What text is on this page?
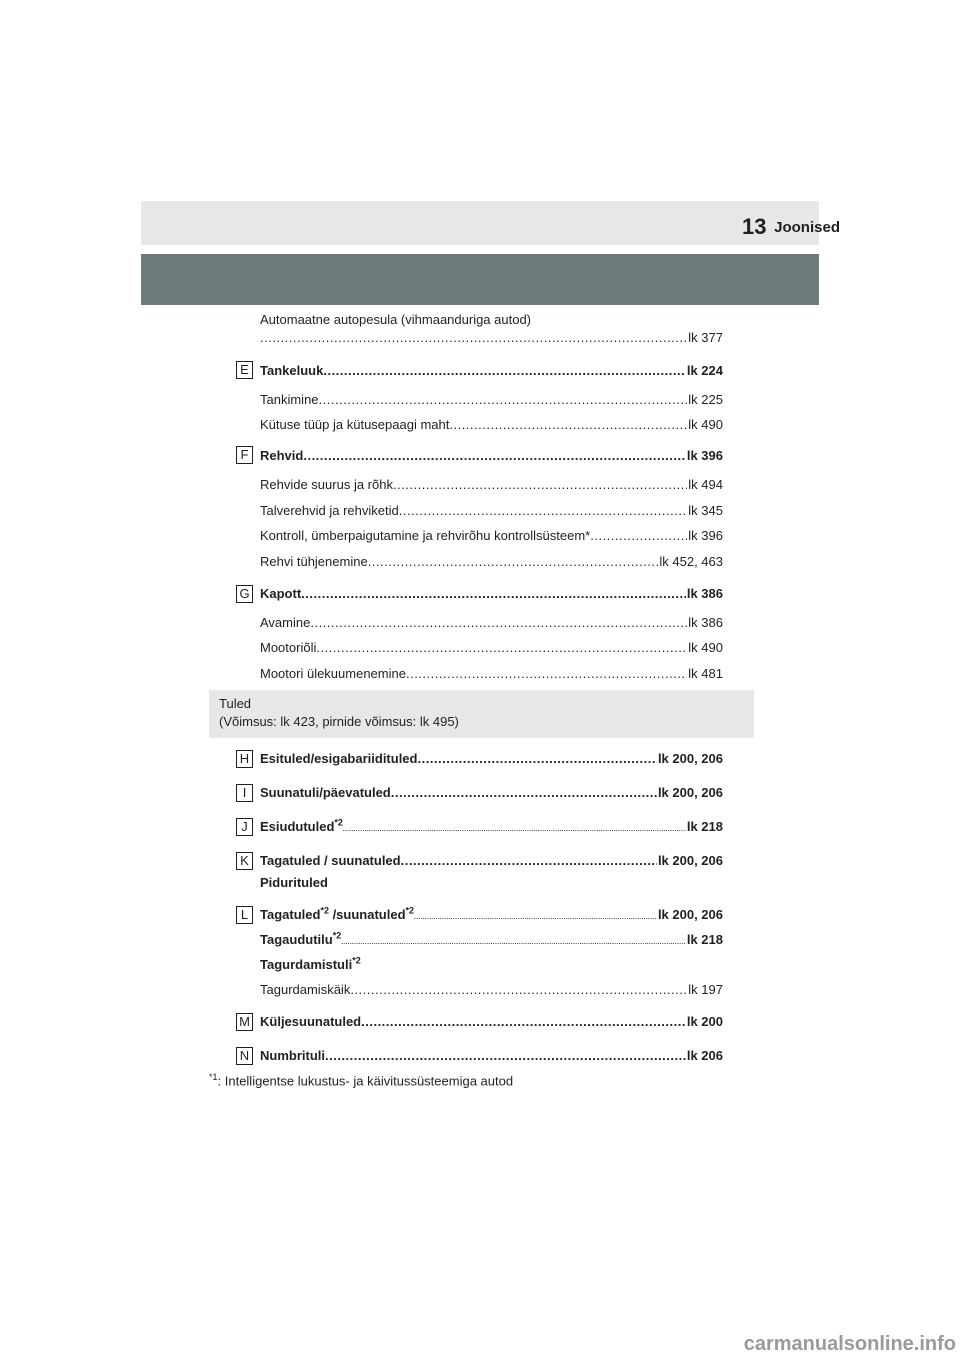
Joonised
13
Automaatne autopesula (vihmaanduriga autod)
.....
lk 377
E Tankeluuk .....	lk 224
Tankimine .....	lk 225
Kütuse tüüp ja kütusepaagi maht .....	lk 490
F Rehvid .....	lk 396
Rehvide suurus ja rõhk .....	lk 494
Talverehvid ja rehviketid .....	lk 345
Kontroll, ümberpaigutamine ja rehvirõhu kontrollsüsteem* .....	lk 396
Rehvi tühjenemine .....	lk 452, 463
G Kapott .....	lk 386
Avamine .....	lk 386
Mootoriõli .....	lk 490
Mootori ülekuumenemine .....	lk 481
Tuled
(Võimsus: lk 423, pirnide võimsus: lk 495)
H Esituled/esigabariidituled .....	lk 200, 206
I	Suunatuli/päevatuled .....	lk 200, 206
J Esiudutuled$^{*2}$ .....	lk 218
K Tagatuled / suunatuled .....	lk 200, 206
Pidurituled
L Tagatuled$^{*2}$ /suunatuled$^{*2}$ .....	lk 200, 206
Tagaudutilu$^{*2}$ .....	lk 218
Tagurdamistuli$^{*2}$
Tagurdamiskäik .....	lk 197
M Küljesuunatuled .....	lk 200
N Numbrituli .....	lk 206
$^{*1}$: Intelligentse lukustus- ja käivitussüsteemiga autod
carmanualsonline.info
